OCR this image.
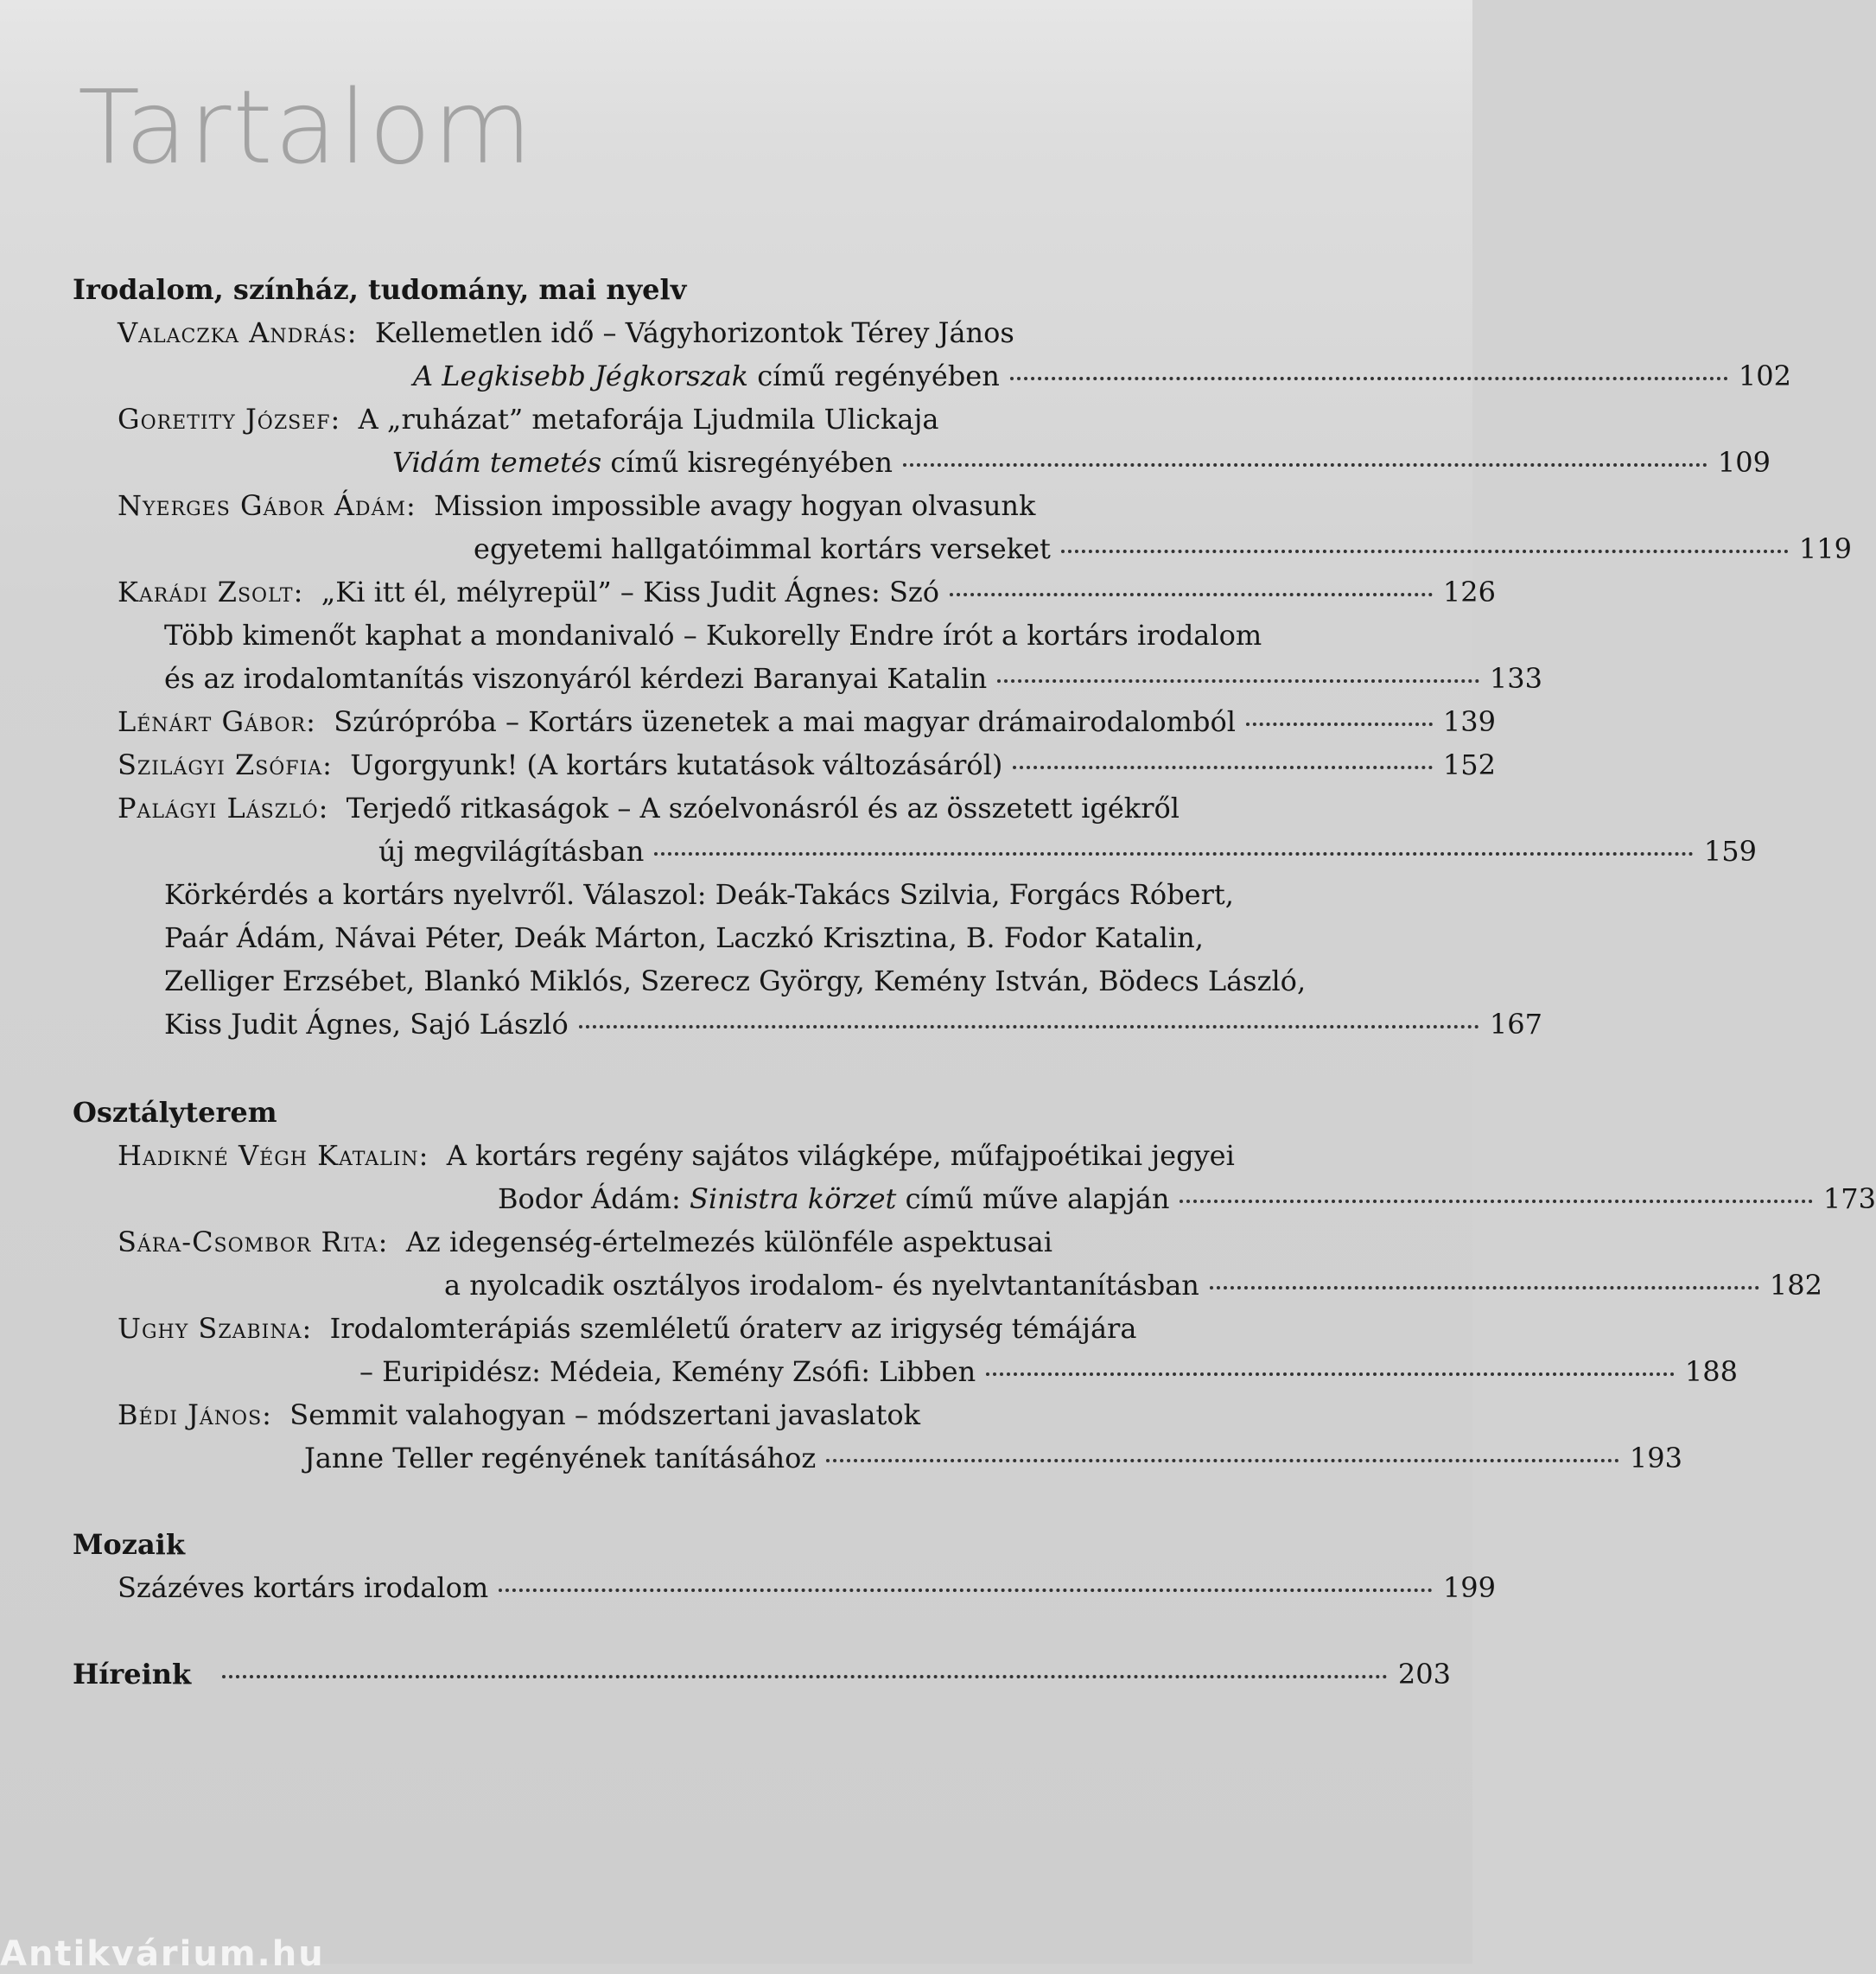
Tartalom
Irodalom, színház, tudomány, mai nyelv
Valaczka András: Kellemetlen idő – Vágyhorizontok Térey János
A Legkisebb Jégkorszak című regényében	102
Goretity József: A „ruházat” metaforája Ljudmila Ulickaja
Vidám temetés című kisregényében	109
Nyerges Gábor Ádám: Mission impossible avagy hogyan olvasunk
egyetemi hallgatóimmal kortárs verseket	119
Karádi Zsolt: „Ki itt él, mélyrepül” – Kiss Judit Ágnes: Szó	126
Több kimenőt kaphat a mondanivaló – Kukorelly Endre írót a kortárs irodalom
és az irodalomtanítás viszonyáról kérdezi Baranyai Katalin	133
Lénárt Gábor: Szúrópróba – Kortárs üzenetek a mai magyar drámairodalomból	139
Szilágyi Zsófia: Ugorgyunk! (A kortárs kutatások változásáról)	152
Palágyi László: Terjedő ritkaságok – A szóelvonásról és az összetett igékről
új megvilágításban	159
Körkérdés a kortárs nyelvről. Válaszol: Deák-Takács Szilvia, Forgács Róbert,
Paár Ádám, Návai Péter, Deák Márton, Laczkó Krisztina, B. Fodor Katalin,
Zelliger Erzsébet, Blankó Miklós, Szerecz György, Kemény István, Bödecs László,
Kiss Judit Ágnes, Sajó László	167
Osztályterem
Hadikné Végh Katalin: A kortárs regény sajátos világképe, műfajpoétikai jegyei
Bodor Ádám: Sinistra körzet című műve alapján	173
Sára-Csombor Rita: Az idegenség-értelmezés különféle aspektusai
a nyolcadik osztályos irodalom- és nyelvtantanításban	182
Ughy Szabina: Irodalomterápiás szemléletű óraterv az irigység témájára
– Euripidész: Médeia, Kemény Zsófi: Libben	188
Bédi János: Semmit valahogyan – módszertani javaslatok
Janne Teller regényének tanításához	193
Mozaik
Százéves kortárs irodalom	199
Híreink	203
Antikvárium.hu
